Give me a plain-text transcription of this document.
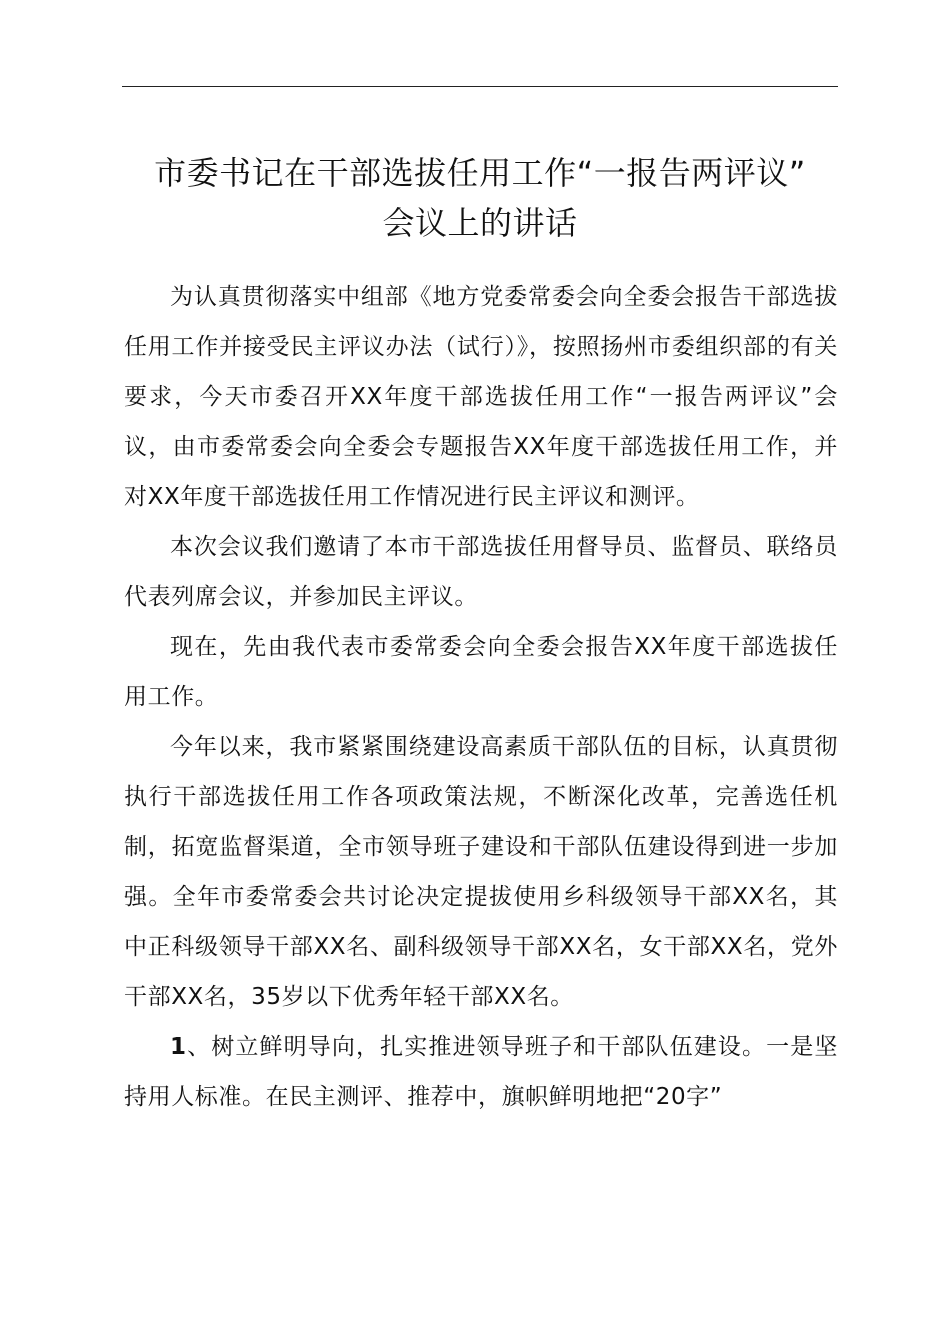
市委书记在干部选拔任用工作“一报告两评议”
会议上的讲话

为认真贯彻落实中组部《地方党委常委会向全委会报告干部选拔任用工作并接受民主评议办法（试行）》，按照扬州市委组织部的有关要求，今天市委召开XX年度干部选拔任用工作“一报告两评议”会议，由市委常委会向全委会专题报告XX年度干部选拔任用工作，并对XX年度干部选拔任用工作情况进行民主评议和测评。

本次会议我们邀请了本市干部选拔任用督导员、监督员、联络员代表列席会议，并参加民主评议。

现在，先由我代表市委常委会向全委会报告XX年度干部选拔任用工作。

今年以来，我市紧紧围绕建设高素质干部队伍的目标，认真贯彻执行干部选拔任用工作各项政策法规，不断深化改革，完善选任机制，拓宽监督渠道，全市领导班子建设和干部队伍建设得到进一步加强。全年市委常委会共讨论决定提拔使用乡科级领导干部XX名，其中正科级领导干部XX名、副科级领导干部XX名，女干部XX名，党外干部XX名，35岁以下优秀年轻干部XX名。

1、树立鲜明导向，扎实推进领导班子和干部队伍建设。一是坚持用人标准。在民主测评、推荐中，旗帜鲜明地把“20字”
